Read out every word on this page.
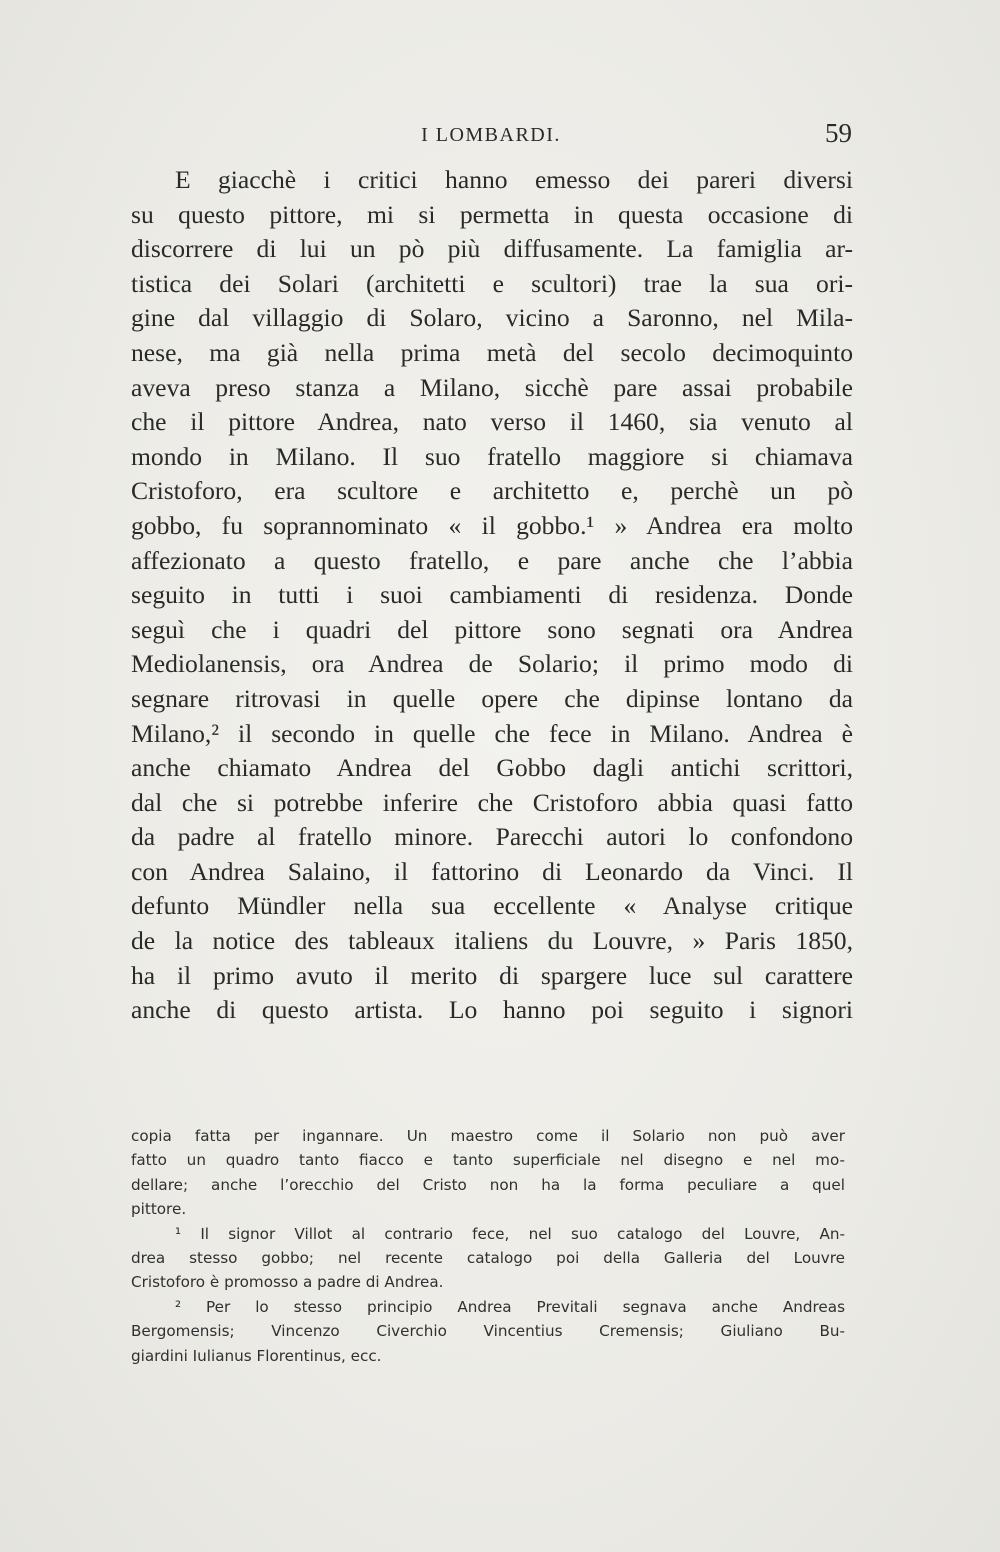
I LOMBARDI.	59
E giacchè i critici hanno emesso dei pareri diversi
su questo pittore, mi si permetta in questa occasione di
discorrere di lui un pò più diffusamente. La famiglia ar-
tistica dei Solari (architetti e scultori) trae la sua ori-
gine dal villaggio di Solaro, vicino a Saronno, nel Mila-
nese, ma già nella prima metà del secolo decimoquinto
aveva preso stanza a Milano, sicchè pare assai probabile
che il pittore Andrea, nato verso il 1460, sia venuto al
mondo in Milano. Il suo fratello maggiore si chiamava
Cristoforo, era scultore e architetto e, perchè un pò
gobbo, fu soprannominato « il gobbo.¹ » Andrea era molto
affezionato a questo fratello, e pare anche che l’abbia
seguito in tutti i suoi cambiamenti di residenza. Donde
seguì che i quadri del pittore sono segnati ora Andrea
Mediolanensis, ora Andrea de Solario; il primo modo di
segnare ritrovasi in quelle opere che dipinse lontano da
Milano,² il secondo in quelle che fece in Milano. Andrea è
anche chiamato Andrea del Gobbo dagli antichi scrittori,
dal che si potrebbe inferire che Cristoforo abbia quasi fatto
da padre al fratello minore. Parecchi autori lo confondono
con Andrea Salaino, il fattorino di Leonardo da Vinci. Il
defunto Mündler nella sua eccellente « Analyse critique
de la notice des tableaux italiens du Louvre, » Paris 1850,
ha il primo avuto il merito di spargere luce sul carattere
anche di questo artista. Lo hanno poi seguito i signori
copia fatta per ingannare. Un maestro come il Solario non può aver
fatto un quadro tanto fiacco e tanto superficiale nel disegno e nel mo-
dellare; anche l’orecchio del Cristo non ha la forma peculiare a quel
pittore.
¹ Il signor Villot al contrario fece, nel suo catalogo del Louvre, An-
drea stesso gobbo; nel recente catalogo poi della Galleria del Louvre
Cristoforo è promosso a padre di Andrea.
² Per lo stesso principio Andrea Previtali segnava anche Andreas
Bergomensis; Vincenzo Civerchio Vincentius Cremensis; Giuliano Bu-
giardini Iulianus Florentinus, ecc.
